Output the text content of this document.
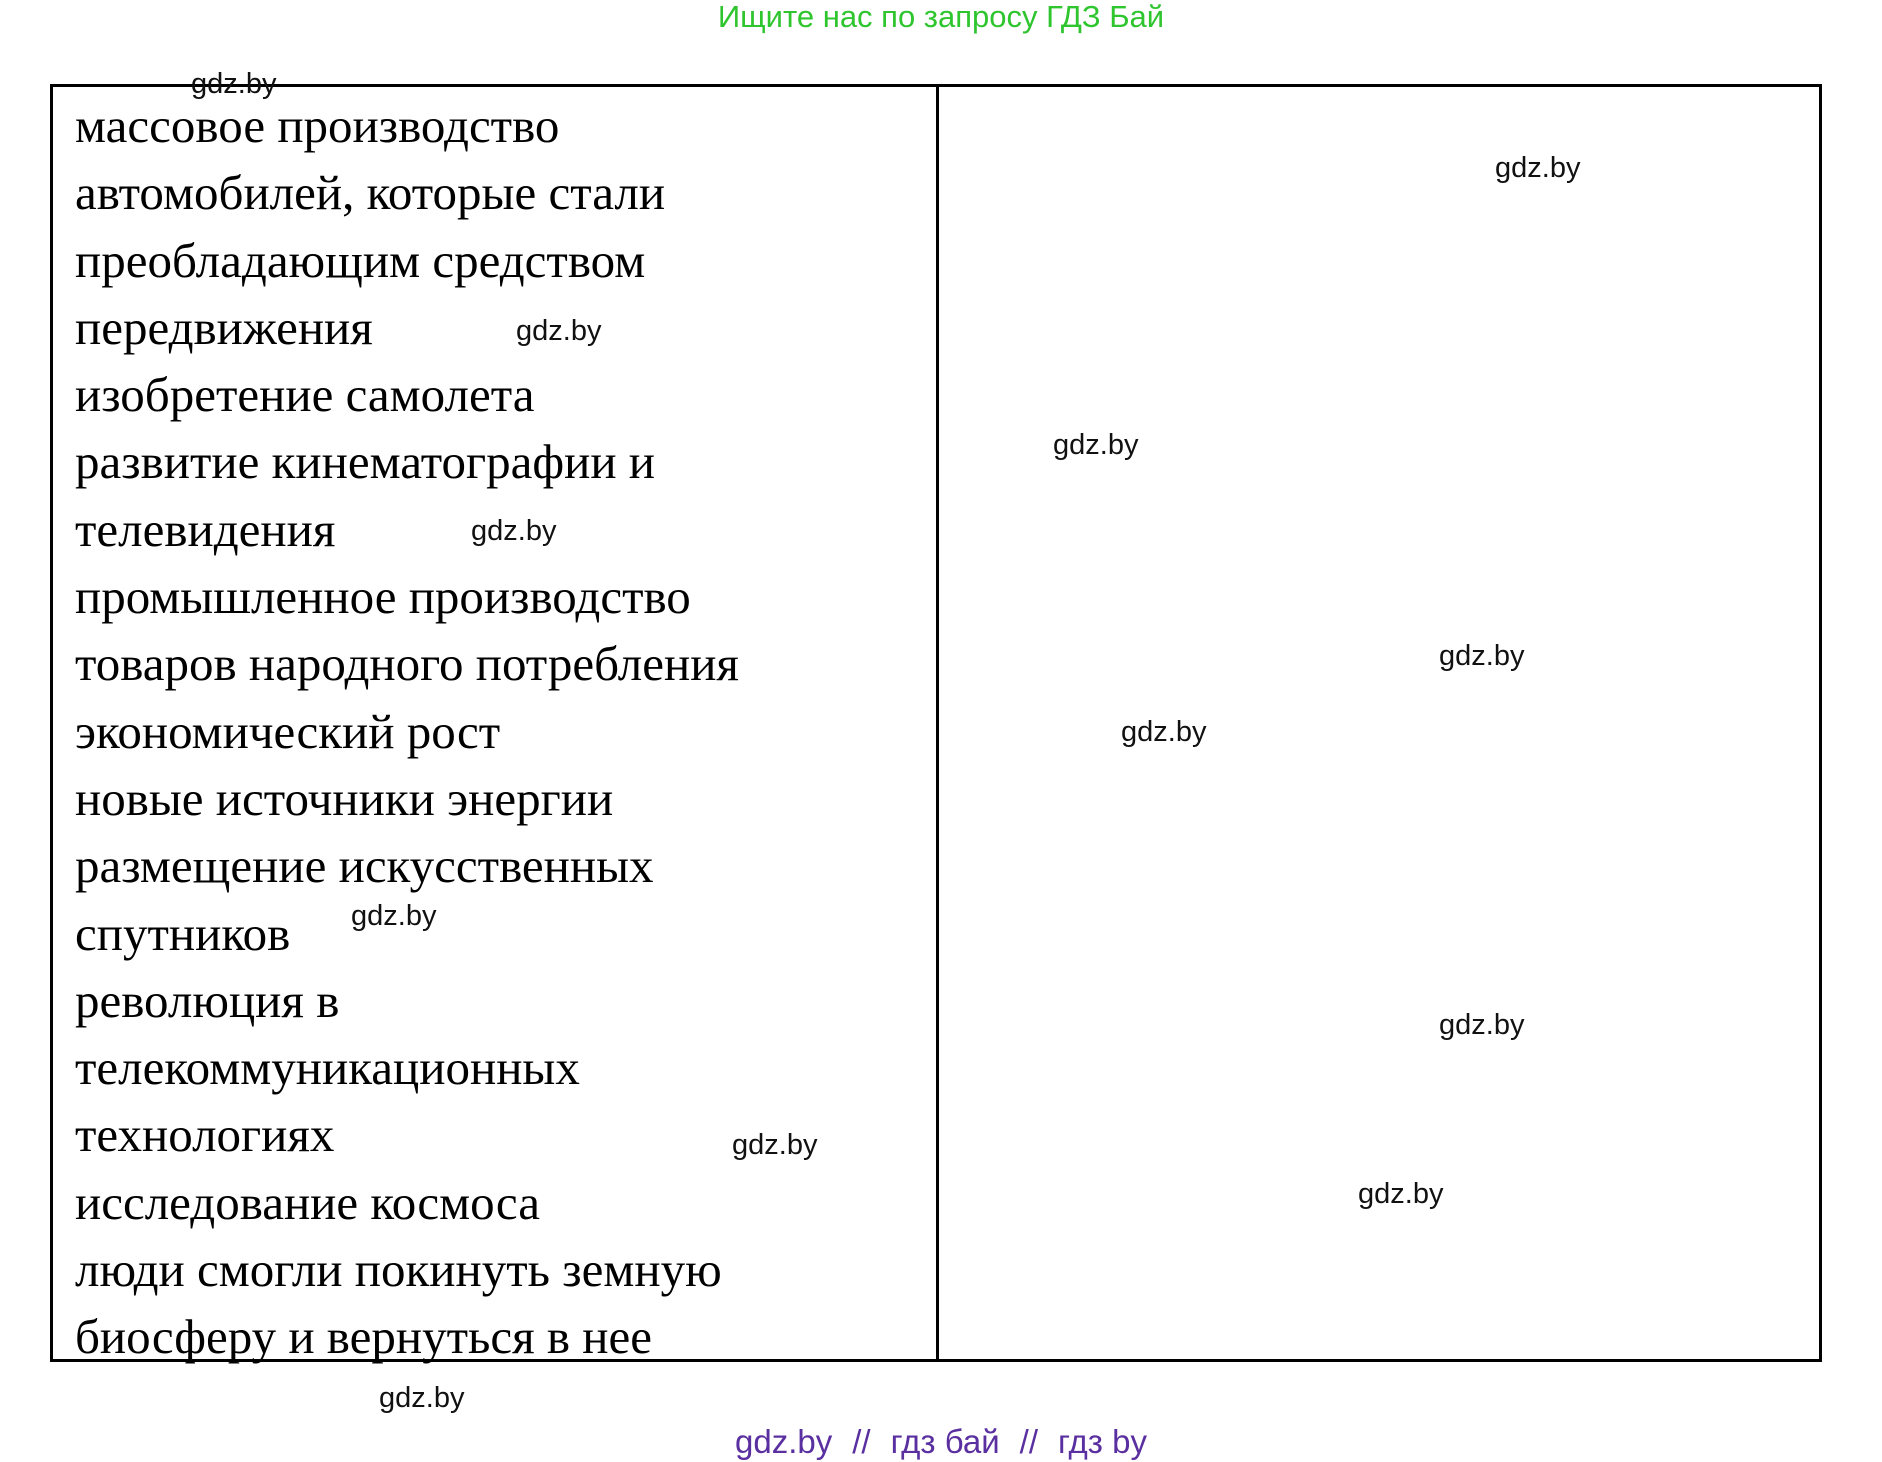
Ищите нас по запросу ГДЗ Бай
массовое производство
автомобилей, которые стали
преобладающим средством
передвижения
изобретение самолета
развитие кинематографии и
телевидения
промышленное производство
товаров народного потребления
экономический рост
новые источники энергии
размещение искусственных
спутников
революция в
телекоммуникационных
технологиях
исследование космоса
люди смогли покинуть земную
биосферу и вернуться в нее
gdz.by
gdz.by
gdz.by
gdz.by
gdz.by
gdz.by
gdz.by
gdz.by
gdz.by
gdz.by
gdz.by
gdz.by
gdz.by // гдз бай // гдз by
